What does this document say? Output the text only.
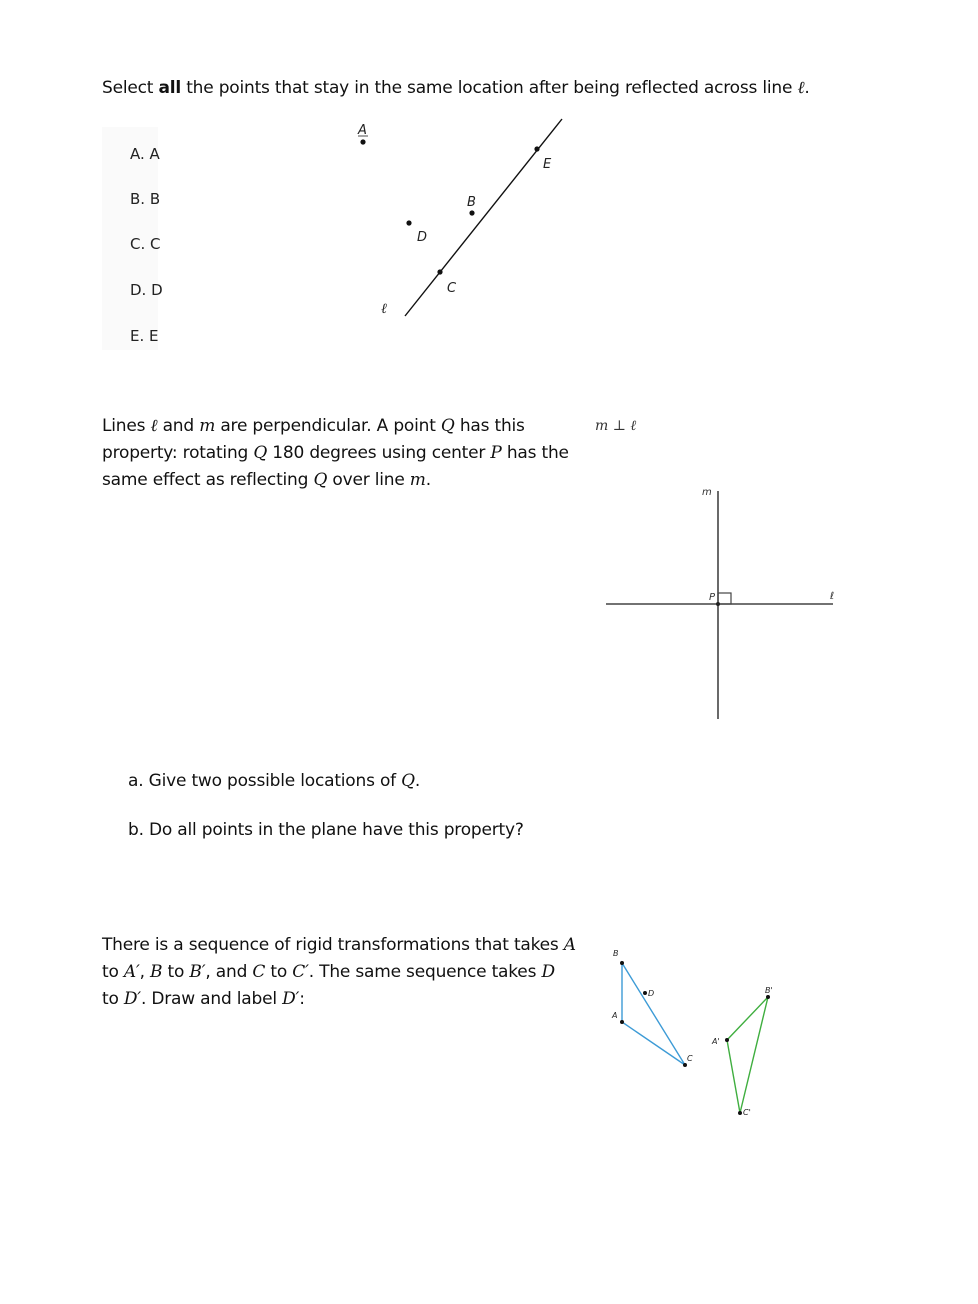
Select all the points that stay in the same location after being reflected across line ℓ.
A. A
B. B
C. C
D. D
E. E
A
E
B
D
C
ℓ
Lines ℓ and m are perpendicular. A point Q has this
property: rotating Q 180 degrees using center P has the
same effect as reflecting Q over line m.
m ⊥ ℓ
m
P	ℓ
a. Give two possible locations of Q.
b. Do all points in the plane have this property?
There is a sequence of rigid transformations that takes A
to A′, B to B′, and C to C′. The same sequence takes D
to D′. Draw and label D′:
B
A
C
D
A'
B'
C'
